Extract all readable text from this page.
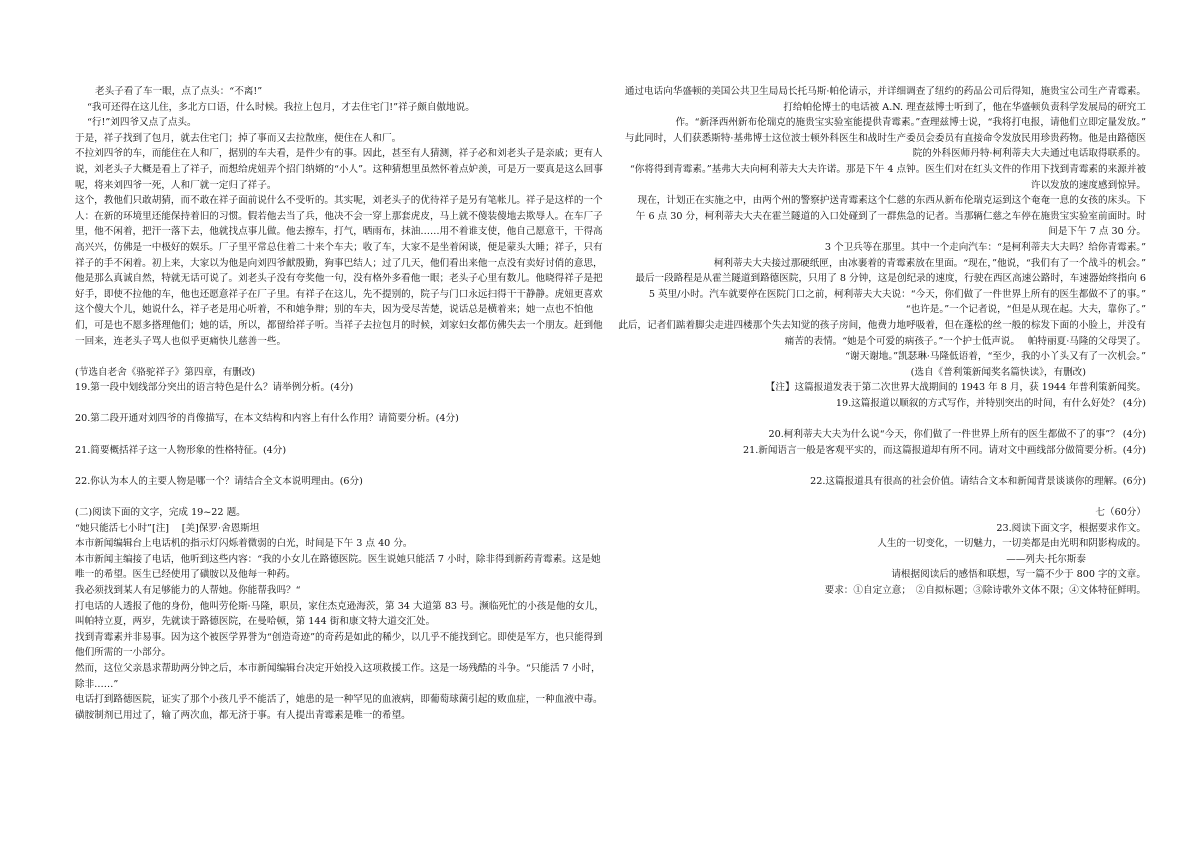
老头子看了车一眼，点了点头：“不离!”

“我可还得在这儿住，多北方口语，什么时候。我拉上包月，才去住宅门!”祥子颇自傲地说。

“行!”刘四爷又点了点头。

于是，祥子找到了包月，就去住宅门；掉了事而又去拉散座，便住在人和厂。

不拉刘四爷的车，而能住在人和厂，据别的车夫看，是件少有的事。因此，甚至有人猜测，祥子必和刘老头子是亲戚；更有人说，刘老头子大概是看上了祥子，而想给虎妞弄个招门纳婿的“小人”。这种猜想里虽然怀着点妒羡，可是万一要真是这么回事呢，将来刘四爷一死，人和厂就一定归了祥子。

这个，教他们只敢胡猜，而不敢在祥子面前说什么不受听的。其实呢，刘老头子的优待祥子是另有笔帐儿。祥子是这样的一个人：在新的环境里还能保持着旧的习惯。假若他去当了兵，他决不会一穿上那套虎皮，马上就不傻装傻地去欺辱人。在车厂子里，他不闲着，把汗一落下去，他就找点事儿做。他去擦车，打气，晒雨布，抹油……用不着谁支使，他自己愿意干，干得高高兴兴，仿佛是一中极好的娱乐。厂子里平常总住着二十来个车夫；收了车，大家不是坐着闲谈，便是蒙头大睡；祥子，只有祥子的手不闲着。初上来，大家以为他是向刘四爷献殷勤，狗事巴结人；过了几天，他们看出来他一点没有卖好讨俏的意思，他是那么真诚自然，特就无话可说了。刘老头子没有夸奖他一句，没有格外多看他一眼；老头子心里有数儿。他晓得祥子是把好手，即使不拉他的车，他也还愿意祥子在厂子里。有祥子在这儿，先不提别的，院子与门口永远扫得干干静静。虎妞更喜欢这个傻大个儿，她说什么，祥子老是用心听着，不和她争辩；别的车夫，因为受尽苦楚，说话总是横着来；她一点也不怕他们，可是也不愿多搭理他们；她的话，所以，都留给祥子听。当祥子去拉包月的时候，刘家妇女都仿佛失去一个朋友。赶到他一回来，连老头子骂人也似乎更痛快儿慈善一些。

(节选自老舍《骆驼祥子》第四章，有删改)

19.第一段中划线部分突出的语言特色是什么？请举例分析。(4分)

20.第二段开通对刘四爷的肖像描写，在本文结构和内容上有什么作用？请简要分析。(4分)

21.简要概括祥子这一人物形象的性格特征。(4分)

22.你认为本人的主要人物是哪一个？请结合全文本说明理由。(6分)

(二)阅读下面的文字，完成 19~22 题。

“她只能活七小时”[注]　 [美]保罗·舍恩斯坦

本市新闻编辑台上电话机的指示灯闪烁着微弱的白光，时间是下午 3 点 40 分。

本市新闻主编接了电话，他听到这些内容：“我的小女儿在路德医院。医生说她只能活 7 小时，除非得到新药青霉素。这是她唯一的希望。医生已经使用了磺胺以及他每一种药。

我必须找到某人有足够能力的人帮她。你能帮我吗？“

打电话的人透报了他的身份，他叫劳伦斯·马隆，职员，家住杰克逊海茨，第 34 大道第 83 号。濒临死忙的小孩是他的女儿，叫帕特立夏，两岁，先就读于路德医院，在曼哈顿，第 144 街和康文特大道交汇处。

找到青霉素并非易事。因为这个被医学界誉为“创造奇迹”的奇药是如此的稀少，以几乎不能找到它。即使是军方，也只能得到他们所需的一小部分。

然而，这位父亲恳求帮助两分钟之后，本市新闻编辑台决定开始投入这项救援工作。这是一场残酷的斗争。“只能活 7 小时，除非……”

电话打到路德医院，证实了那个小孩几乎不能活了，她患的是一种罕见的血液病，即葡萄球菌引起的败血症，一种血液中毒。磺胺制剂已用过了，输了两次血，都无济于事。有人提出青霉素是唯一的希望。

通过电话向华盛顿的美国公共卫生局局长托马斯·帕伦请示，并详细调查了纽约的药品公司后得知，施贵宝公司生产青霉素。

打给帕伦博士的电话被 A.N. 理查兹博士听到了，他在华盛顿负责科学发展局的研究工

作。“新泽西州新布伦瑞克的施贵宝实验室能提供青霉素。”查理兹博士说，“我将打电报，请他们立即定量发放。”

与此同时，人们获悉斯特·基弗博士这位波士顿外科医生和战时生产委员会委员有直接命令发放民用珍贵药物。他是由路德医院的外科医师丹特·柯利蒂夫大夫通过电话取得联系的。

“你将得到青霉素。”基弗大夫向柯利蒂夫大夫许诺。那是下午 4 点钟。医生们对在红头文件的作用下找到青霉素的来源并被许以发放的速度感到惊异。

现在，计划正在实施之中，由两个州的警察护送青霉素这个仁慈的东西从新布伦瑞克运到这个奄奄一息的女孩的床头。下午 6 点 30 分，柯利蒂夫大夫在霍兰隧道的入口处碰到了一群焦急的记者。当那辆仁慈之车停在施贵宝实验室前面时。时间是下午 7 点 30 分。

3 个卫兵等在那里。其中一个走向汽车：“是柯利蒂夫大夫吗？给你青霉素。”

柯利蒂夫大夫接过那硬纸匣，由冰裹着的青霉素放在里面。“现在，”他说，“我们有了一个战斗的机会。”

最后一段路程是从霍兰隧道到路德医院，只用了 8 分钟，这是创纪录的速度，行驶在西区高速公路时，车速器始终指向 65 英里/小时。汽车就要停在医院门口之前，柯利蒂夫大夫说：“今天，你们做了一件世界上所有的医生都做不了的事。”

“也许是。”一个记者说，“但是从现在起。大夫，靠你了。”

此后，记者们踮着脚尖走进四楼那个失去知觉的孩子房间，他费力地呼吸着，但在蓬松的丝一般的棕发下面的小脸上，并没有痛苦的表情。“她是个可爱的病孩子。”一个护士低声说。　 帕特丽夏·马隆的父母哭了。

“谢天谢地。”凯瑟琳·马隆低语着，“至少，我的小丫头又有了一次机会。”

(选自《普利策新闻奖名篇快读》，有删改)

【注】这篇报道发表于第二次世界大战期间的 1943 年 8 月，获 1944 年普利策新闻奖。

19.这篇报道以顺叙的方式写作，并特别突出的时间，有什么好处？ (4分)

20.柯利蒂夫大夫为什么说“今天，你们做了一件世界上所有的医生都做不了的事”？ (4分)

21.新闻语言一般是客观平实的，而这篇报道却有所不同。请对文中画线部分做简要分析。(4分)

22.这篇报道具有很高的社会价值。请结合文本和新闻背景谈谈你的理解。(6分)

七（60分）

23.阅读下面文字，根据要求作文。

人生的一切变化，一切魅力，一切美都是由光明和阴影构成的。

——列夫·托尔斯泰

请根据阅读后的感悟和联想，写一篇不少于 800 字的文章。

要求：①自定立意；　②自拟标题；③除诗歌外文体不限；④文体特征鲜明。
